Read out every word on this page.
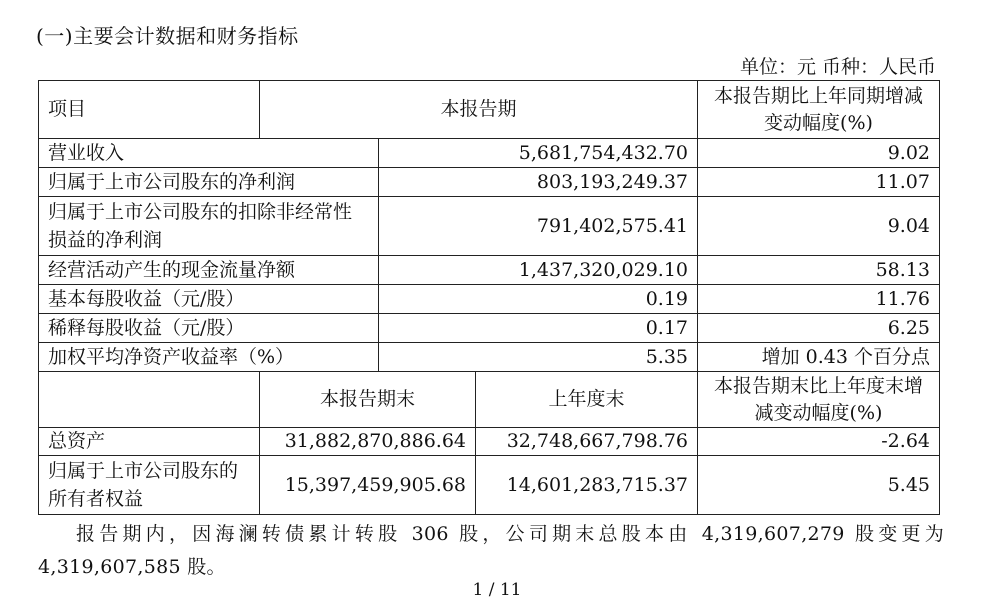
(一)主要会计数据和财务指标
单位：元 币种：人民币
项目	本报告期			本报告期比上年同期增减变动幅度(%)
营业收入		5,681,754,432.70		9.02
归属于上市公司股东的净利润		803,193,249.37		11.07
归属于上市公司股东的扣除非经常性损益的净利润		791,402,575.41		9.04
经营活动产生的现金流量净额		1,437,320,029.10		58.13
基本每股收益（元/股）		0.19		11.76
稀释每股收益（元/股）		0.17		6.25
加权平均净资产收益率（%）		5.35		增加 0.43 个百分点
	本报告期末		上年度末	本报告期末比上年度末增减变动幅度(%)
总资产	31,882,870,886.64		32,748,667,798.76	-2.64
归属于上市公司股东的所有者权益	15,397,459,905.68		14,601,283,715.37	5.45
报告期内，因海澜转债累计转股 306 股，公司期末总股本由 4,319,607,279 股变更为 4,319,607,585 股。
1 / 11
